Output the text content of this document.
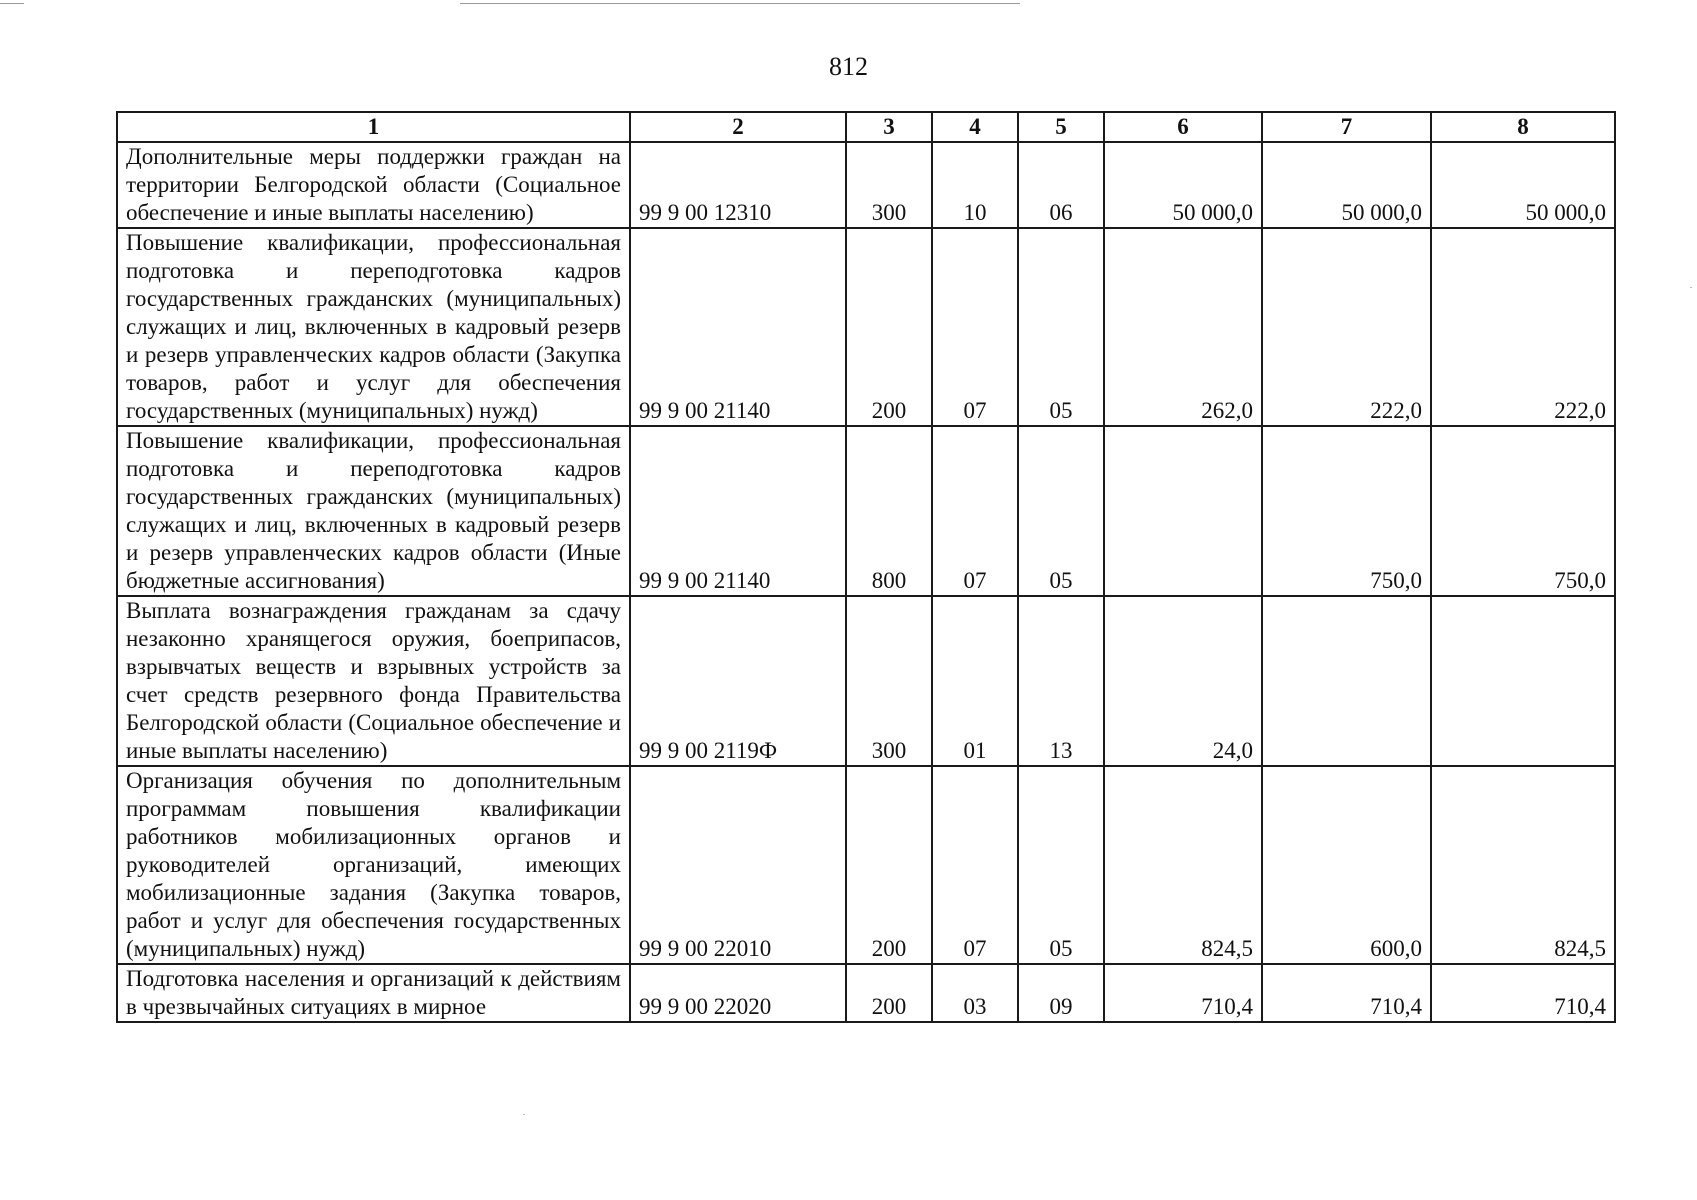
812
1	2	3	4	5	6	7	8
Дополнительные меры поддержки граждан на территории Белгородской области (Социальное обеспечение и иные выплаты населению)	99 9 00 12310	300	10	06	50 000,0	50 000,0	50 000,0
Повышение квалификации, профессиональная подготовка и переподготовка кадров государственных гражданских (муниципальных) служащих и лиц, включенных в кадровый резерв и резерв управленческих кадров области (Закупка товаров, работ и услуг для обеспечения государственных (муниципальных) нужд)	99 9 00 21140	200	07	05	262,0	222,0	222,0
Повышение квалификации, профессиональная подготовка и переподготовка кадров государственных гражданских (муниципальных) служащих и лиц, включенных в кадровый резерв и резерв управленческих кадров области (Иные бюджетные ассигнования)	99 9 00 21140	800	07	05		750,0	750,0
Выплата вознаграждения гражданам за сдачу незаконно хранящегося оружия, боеприпасов, взрывчатых веществ и взрывных устройств за счет средств резервного фонда Правительства Белгородской области (Социальное обеспечение и иные выплаты населению)	99 9 00 2119Ф	300	01	13	24,0		
Организация обучения по дополнительным программам повышения квалификации работников мобилизационных органов и руководителей организаций, имеющих мобилизационные задания (Закупка товаров, работ и услуг для обеспечения государственных (муниципальных) нужд)	99 9 00 22010	200	07	05	824,5	600,0	824,5
Подготовка населения и организаций к действиям в чрезвычайных ситуациях в мирное	99 9 00 22020	200	03	09	710,4	710,4	710,4
